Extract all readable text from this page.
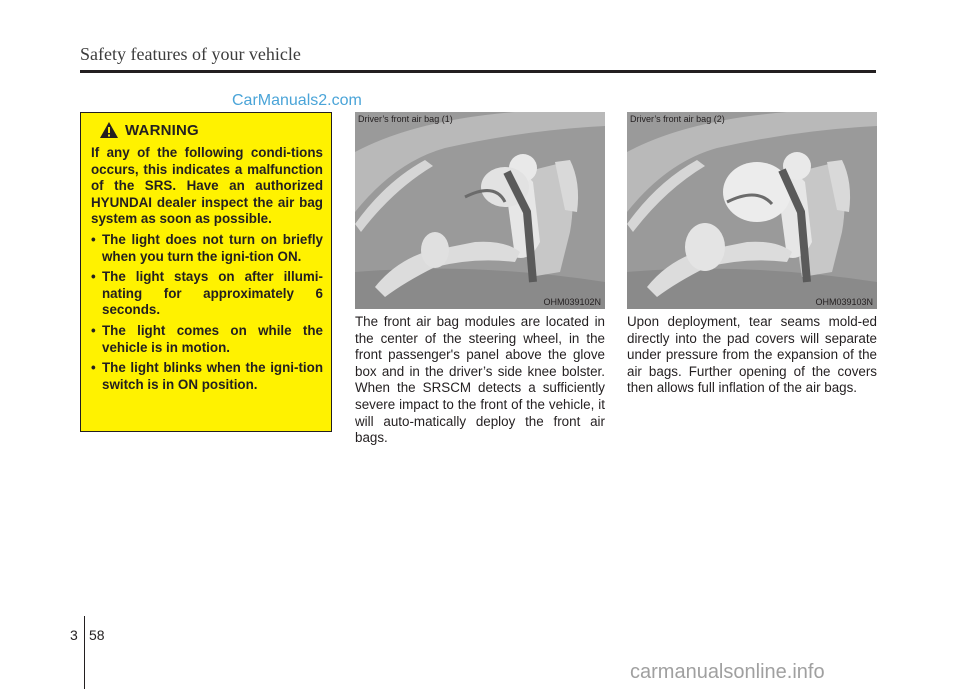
Safety features of your vehicle
CarManuals2.com
WARNING

If any of the following condi-tions occurs, this indicates a malfunction of the SRS. Have an authorized HYUNDAI dealer inspect the air bag system as soon as possible.

• The light does not turn on briefly when you turn the igni-tion ON.
• The light stays on after illumi-nating for approximately 6 seconds.
• The light comes on while the vehicle is in motion.
• The light blinks when the igni-tion switch is in ON position.
Driver’s front air bag (1)
OHM039102N
Driver’s front air bag (2)
OHM039103N

The front air bag modules are located in the center of the steering wheel, in the front passenger's panel above the glove box and in the driver’s side knee bolster. When the SRSCM detects a sufficiently severe impact to the front of the vehicle, it will auto-matically deploy the front air bags.

Upon deployment, tear seams mold-ed directly into the pad covers will separate under pressure from the expansion of the air bags. Further opening of the covers then allows full inflation of the air bags.

3 58
carmanualsonline.info
